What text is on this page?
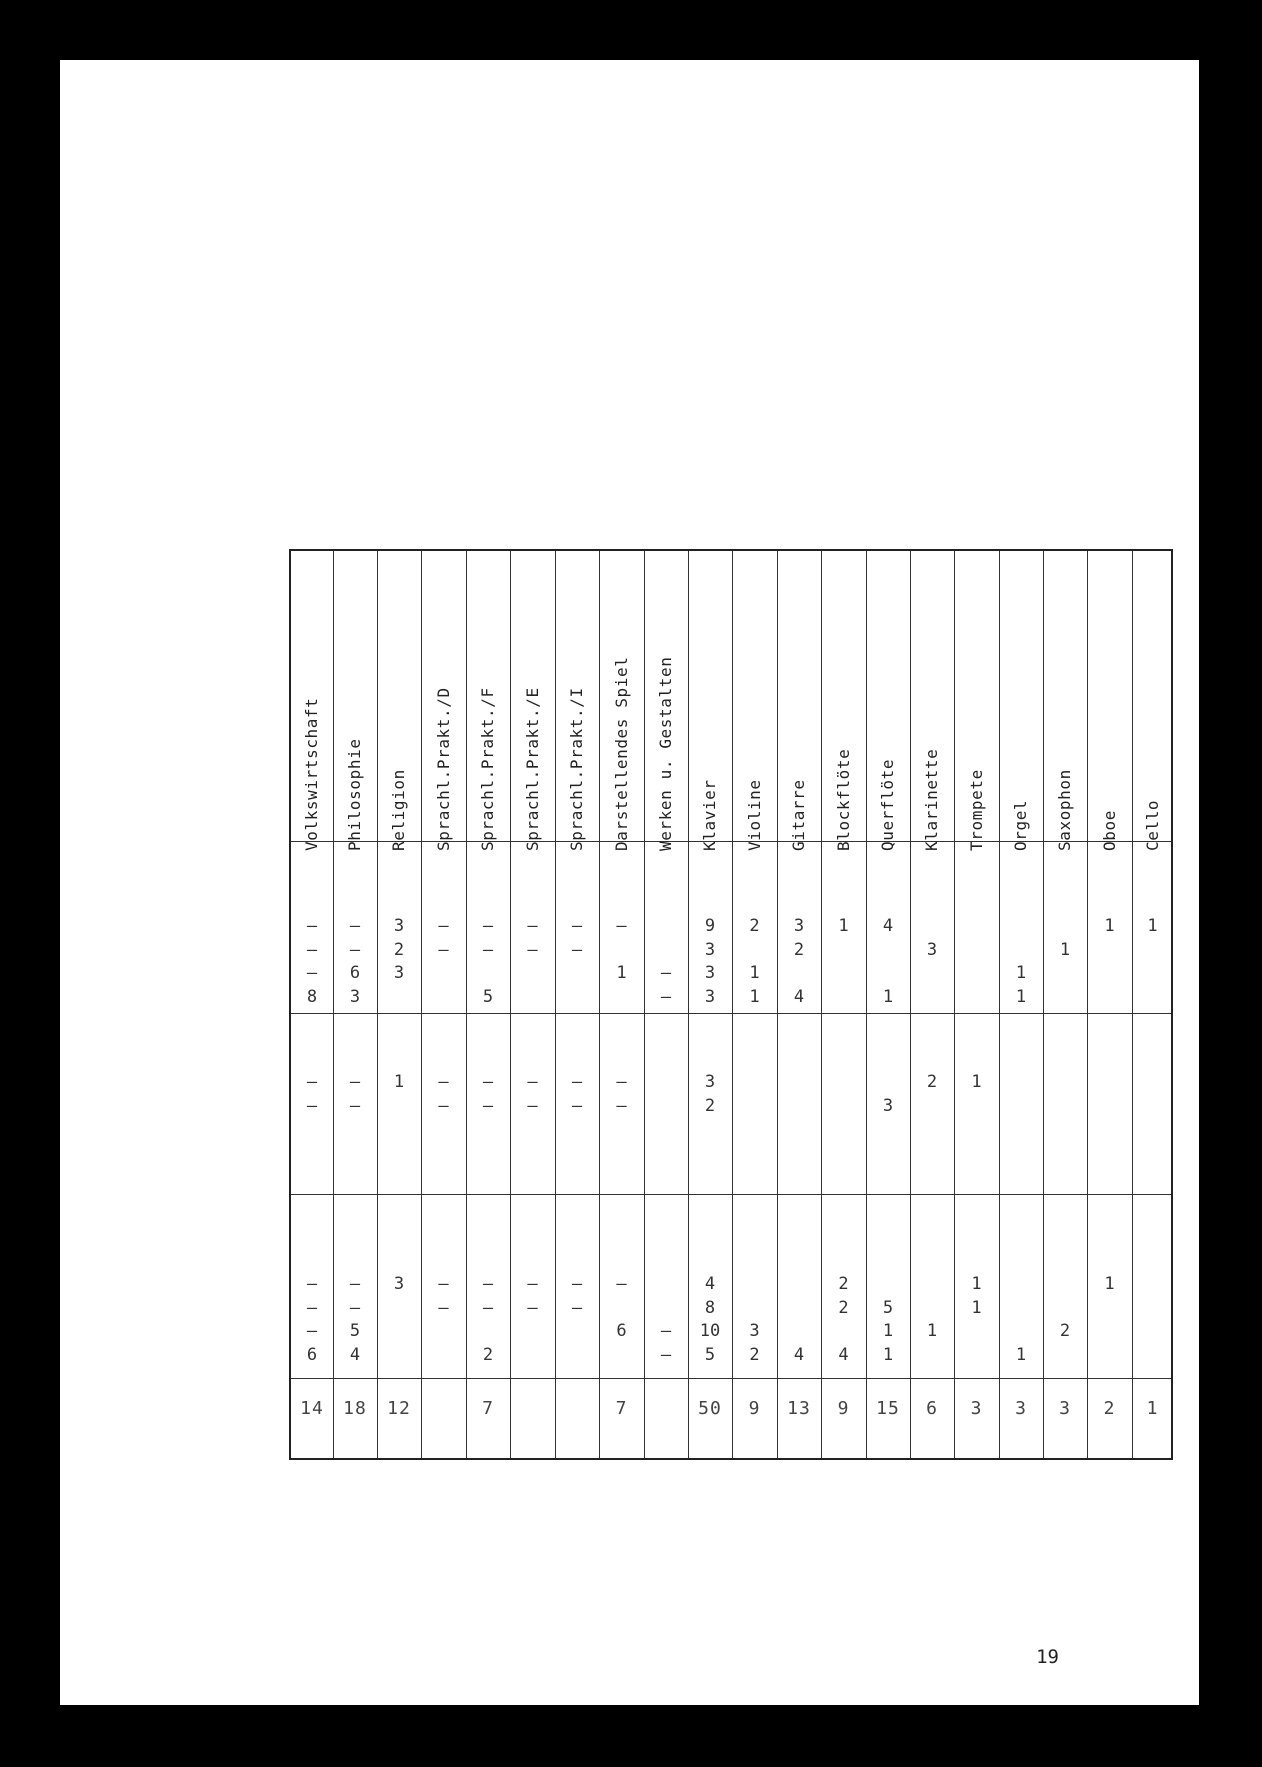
Volkswirtschaft
–
–
–
8
–
–
–
–
–
6
14
Philosophie
–
–
6
3
–
–
–
–
5
4
18
Religion
3
2
3
1
3
12
Sprachl.Prakt./D
–
–
–
–
–
–
Sprachl.Prakt./F
–
–

5
–
–
–
–

2
7
Sprachl.Prakt./E
–
–
–
–
–
–
Sprachl.Prakt./I
–
–
–
–
–
–
Darstellendes Spiel
–

1
–
–
–

6
7
Werken u. Gestalten

–
–

–
–
Klavier
9
3
3
3
3
2
4
8
10
5
50
Violine
2

1
1

3
2
9
Gitarre
3
2

4

4
13
Blockflöte
1
2
2

4
9
Querflöte
4

1

3

5
1
1
15
Klarinette

3
2

1
6
Trompete
1
1
1
3
Orgel

1
1

1
3
Saxophon

1

2
3
Oboe
1
1
2
Cello
1
1
19
